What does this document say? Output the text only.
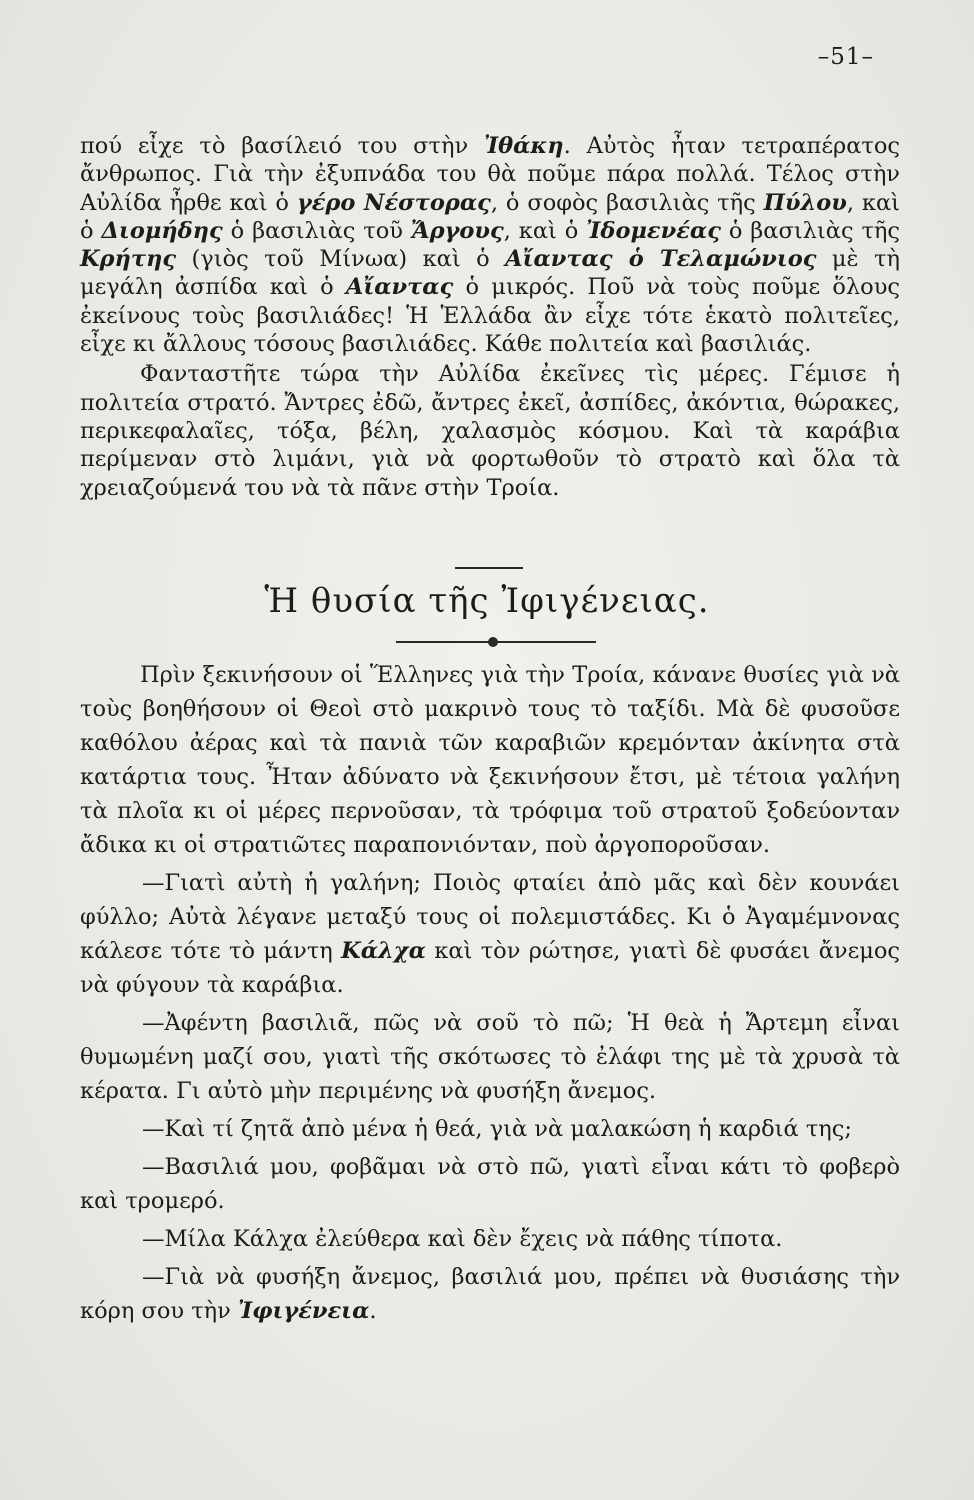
–51–

πού εἶχε τὸ βασίλειό του στὴν Ἰθάκη. Αὐτὸς ἦταν τετραπέρατος ἄνθρωπος. Γιὰ τὴν ἐξυπνάδα του θὰ ποῦμε πάρα πολλά. Τέλος στὴν Αὐλίδα ἦρθε καὶ ὁ γέρο Νέστορας, ὁ σοφὸς βασιλιὰς τῆς Πύλου, καὶ ὁ Διομήδης ὁ βασιλιὰς τοῦ Ἄργους, καὶ ὁ Ἰδομενέας ὁ βασιλιὰς τῆς Κρήτης (γιὸς τοῦ Μίνωα) καὶ ὁ Αἴαντας ὁ Τελαμώνιος μὲ τὴ μεγάλη ἀσπίδα καὶ ὁ Αἴαντας ὁ μικρός. Ποῦ νὰ τοὺς ποῦμε ὅλους ἐκείνους τοὺς βασιλιάδες! Ἡ Ἑλλάδα ἂν εἶχε τότε ἑκατὸ πολιτεῖες, εἶχε κι ἄλλους τόσους βασιλιάδες. Κάθε πολιτεία καὶ βασιλιάς.

Φανταστῆτε τώρα τὴν Αὐλίδα ἐκεῖνες τὶς μέρες. Γέμισε ἡ πολιτεία στρατό. Ἄντρες ἐδῶ, ἄντρες ἐκεῖ, ἀσπίδες, ἀκόντια, θώρακες, περικεφαλαῖες, τόξα, βέλη, χαλασμὸς κόσμου. Καὶ τὰ καράβια περίμεναν στὸ λιμάνι, γιὰ νὰ φορτωθοῦν τὸ στρατὸ καὶ ὅλα τὰ χρειαζούμενά του νὰ τὰ πᾶνε στὴν Τροία.

Ἡ θυσία τῆς Ἰφιγένειας.

Πρὶν ξεκινήσουν οἱ Ἕλληνες γιὰ τὴν Τροία, κάνανε θυσίες γιὰ νὰ τοὺς βοηθήσουν οἱ Θεοὶ στὸ μακρινὸ τους τὸ ταξίδι. Μὰ δὲ φυσοῦσε καθόλου ἀέρας καὶ τὰ πανιὰ τῶν καραβιῶν κρεμόνταν ἀκίνητα στὰ κατάρτια τους. Ἦταν ἀδύνατο νὰ ξεκινήσουν ἔτσι, μὲ τέτοια γαλήνη τὰ πλοῖα κι οἱ μέρες περνοῦσαν, τὰ τρόφιμα τοῦ στρατοῦ ξοδεύονταν ἄδικα κι οἱ στρατιῶτες παραπονιόνταν, ποὺ ἀργοποροῦσαν.

—Γιατὶ αὐτὴ ἡ γαλήνη; Ποιὸς φταίει ἀπὸ μᾶς καὶ δὲν κουνάει φύλλο; Αὐτὰ λέγανε μεταξύ τους οἱ πολεμιστάδες. Κι ὁ Ἀγαμέμνονας κάλεσε τότε τὸ μάντη Κάλχα καὶ τὸν ρώτησε, γιατὶ δὲ φυσάει ἄνεμος νὰ φύγουν τὰ καράβια.

—Ἀφέντη βασιλιᾶ, πῶς νὰ σοῦ τὸ πῶ; Ἡ θεὰ ἡ Ἄρτεμη εἶναι θυμωμένη μαζί σου, γιατὶ τῆς σκότωσες τὸ ἐλάφι της μὲ τὰ χρυσὰ τὰ κέρατα. Γι αὐτὸ μὴν περιμένης νὰ φυσήξη ἄνεμος.

—Καὶ τί ζητᾶ ἀπὸ μένα ἡ θεά, γιὰ νὰ μαλακώση ἡ καρδιά της;

—Βασιλιά μου, φοβᾶμαι νὰ στὸ πῶ, γιατὶ εἶναι κάτι τὸ φοβερὸ καὶ τρομερό.

—Μίλα Κάλχα ἐλεύθερα καὶ δὲν ἔχεις νὰ πάθης τίποτα.

—Γιὰ νὰ φυσήξη ἄνεμος, βασιλιά μου, πρέπει νὰ θυσιάσης τὴν κόρη σου τὴν Ἰφιγένεια.
